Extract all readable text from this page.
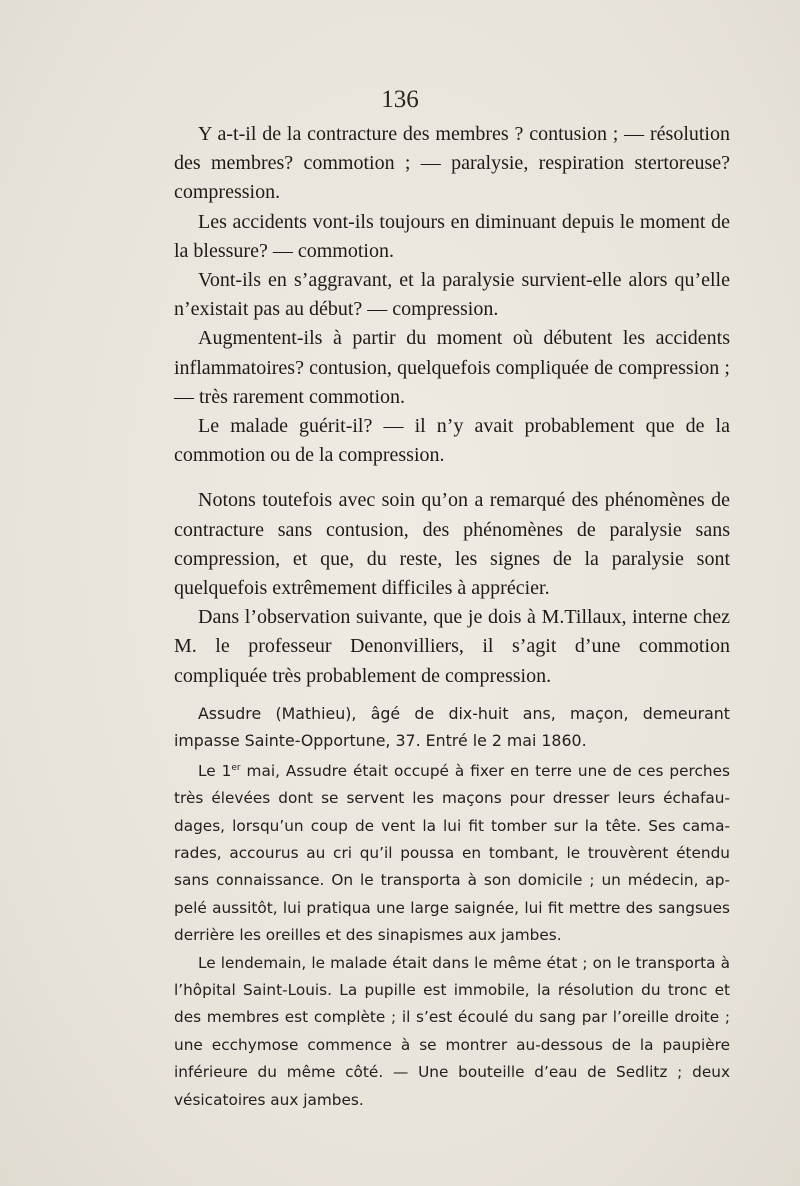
136

Y a-t-il de la contracture des membres ? contusion ; — résolution des membres? commotion ; — paralysie, respiration stertoreuse? compression.

Les accidents vont-ils toujours en diminuant depuis le moment de la blessure? — commotion.

Vont-ils en s’aggravant, et la paralysie survient-elle alors qu’elle n’existait pas au début? — compression.

Augmentent-ils à partir du moment où débutent les accidents inflammatoires? contusion, quelquefois compliquée de compression ; — très rarement commotion.

Le malade guérit-il? — il n’y avait probablement que de la commotion ou de la compression.

Notons toutefois avec soin qu’on a remarqué des phénomènes de contracture sans contusion, des phénomènes de paralysie sans compression, et que, du reste, les signes de la paralysie sont quelquefois extrêmement difficiles à apprécier.

Dans l’observation suivante, que je dois à M.Tillaux, interne chez M. le professeur Denonvilliers, il s’agit d’une commotion compliquée très probablement de compression.

Assudre (Mathieu), âgé de dix-huit ans, maçon, demeurant impasse Sainte-Opportune, 37. Entré le 2 mai 1860.

Le 1er mai, Assudre était occupé à fixer en terre une de ces perches très élevées dont se servent les maçons pour dresser leurs échafaudages, lorsqu’un coup de vent la lui fit tomber sur la tête. Ses camarades, accourus au cri qu’il poussa en tombant, le trouvèrent étendu sans connaissance. On le transporta à son domicile ; un médecin, appelé aussitôt, lui pratiqua une large saignée, lui fit mettre des sangsues derrière les oreilles et des sinapismes aux jambes.

Le lendemain, le malade était dans le même état ; on le transporta à l’hôpital Saint-Louis. La pupille est immobile, la résolution du tronc et des membres est complète ; il s’est écoulé du sang par l’oreille droite ; une ecchymose commence à se montrer au-dessous de la paupière inférieure du même côté. — Une bouteille d’eau de Sedlitz ; deux vésicatoires aux jambes.
